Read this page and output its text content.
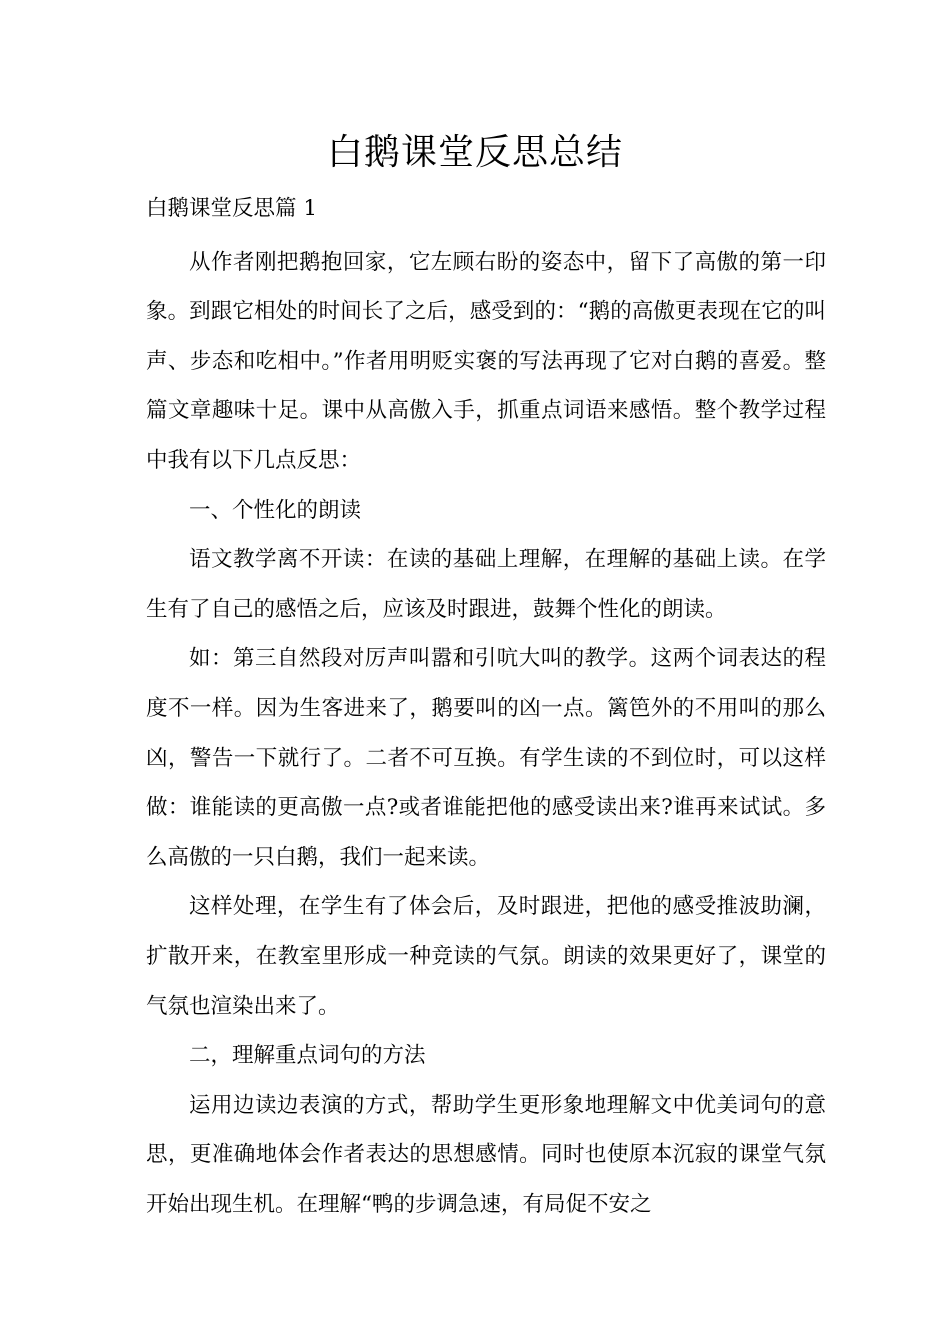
白鹅课堂反思总结

白鹅课堂反思篇 1

从作者刚把鹅抱回家，它左顾右盼的姿态中，留下了高傲的第一印象。到跟它相处的时间长了之后，感受到的：“鹅的高傲更表现在它的叫声、步态和吃相中。”作者用明贬实褒的写法再现了它对白鹅的喜爱。整篇文章趣味十足。课中从高傲入手，抓重点词语来感悟。整个教学过程中我有以下几点反思：

一、个性化的朗读

语文教学离不开读：在读的基础上理解，在理解的基础上读。在学生有了自己的感悟之后，应该及时跟进，鼓舞个性化的朗读。

如：第三自然段对厉声叫嚣和引吭大叫的教学。这两个词表达的程度不一样。因为生客进来了，鹅要叫的凶一点。篱笆外的不用叫的那么凶，警告一下就行了。二者不可互换。有学生读的不到位时，可以这样做：谁能读的更高傲一点?或者谁能把他的感受读出来?谁再来试试。多么高傲的一只白鹅，我们一起来读。

这样处理，在学生有了体会后，及时跟进，把他的感受推波助澜，扩散开来，在教室里形成一种竞读的气氛。朗读的效果更好了，课堂的气氛也渲染出来了。

二，理解重点词句的方法

运用边读边表演的方式，帮助学生更形象地理解文中优美词句的意思，更准确地体会作者表达的思想感情。同时也使原本沉寂的课堂气氛开始出现生机。在理解“鸭的步调急速，有局促不安之
